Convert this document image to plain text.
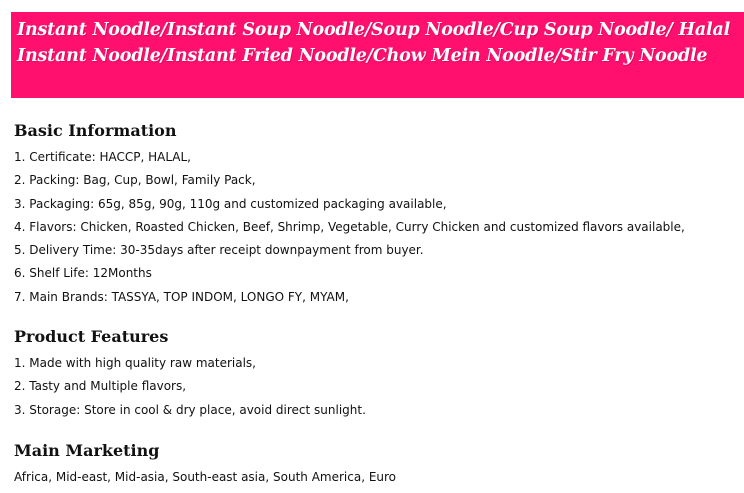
Instant Noodle/Instant Soup Noodle/Soup Noodle/Cup Soup Noodle/ Halal Instant Noodle/Instant Fried Noodle/Chow Mein Noodle/Stir Fry Noodle
Basic Information
1. Certificate: HACCP, HALAL,
2. Packing: Bag, Cup, Bowl, Family Pack,
3. Packaging: 65g, 85g, 90g, 110g and customized packaging available,
4. Flavors: Chicken, Roasted Chicken, Beef, Shrimp, Vegetable, Curry Chicken and customized flavors available,
5. Delivery Time: 30-35days after receipt downpayment from buyer.
6. Shelf Life: 12Months
7. Main Brands: TASSYA, TOP INDOM, LONGO FY, MYAM,
Product Features
1. Made with high quality raw materials,
2. Tasty and Multiple flavors,
3. Storage: Store in cool & dry place, avoid direct sunlight.
Main Marketing
Africa, Mid-east, Mid-asia, South-east asia, South America, Euro
